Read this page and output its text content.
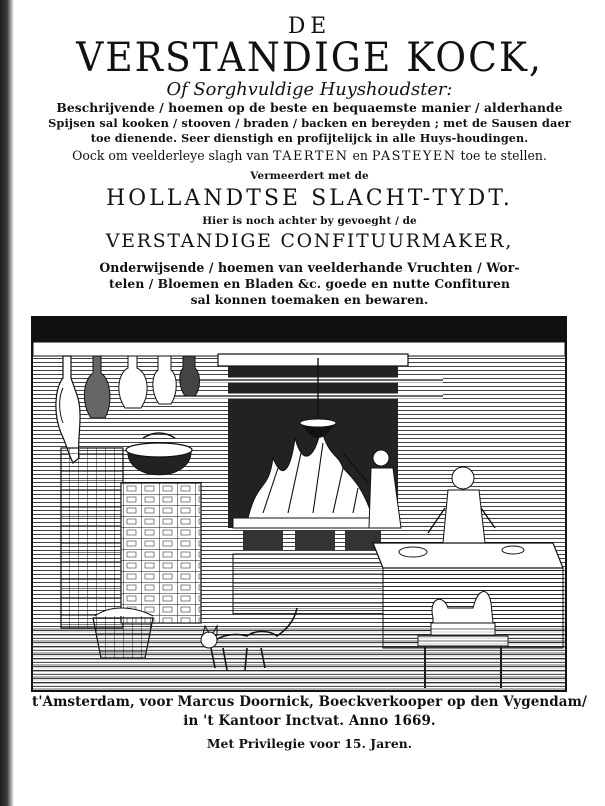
DE
VERSTANDIGE KOCK,
Of Sorghvuldige Huyshoudster:
Beschrijvende / hoemen op de beste en bequaemste manier / alderhande
Spijsen sal kooken / stooven / braden / backen en bereyden ; met de Sausen daer
toe dienende. Seer dienstigh en profijtelijck in alle Huys-houdingen.
Oock om veelderleye slagh van TAERTEN en PASTEYEN toe te stellen.
Vermeerdert met de
HOLLANDTSE SLACHT-TYDT.
Hier is noch achter by gevoeght / de
VERSTANDIGE CONFITUURMAKER,
Onderwijsende / hoemen van veelderhande Vruchten / Wor-
telen / Bloemen en Bladen &c. goede en nutte Confituren
sal konnen toemaken en bewaren.
t'Amsterdam, voor Marcus Doornick, Boeckverkooper op den Vygendam/
in 't Kantoor Inctvat. Anno 1669.
Met Privilegie voor 15. Jaren.
